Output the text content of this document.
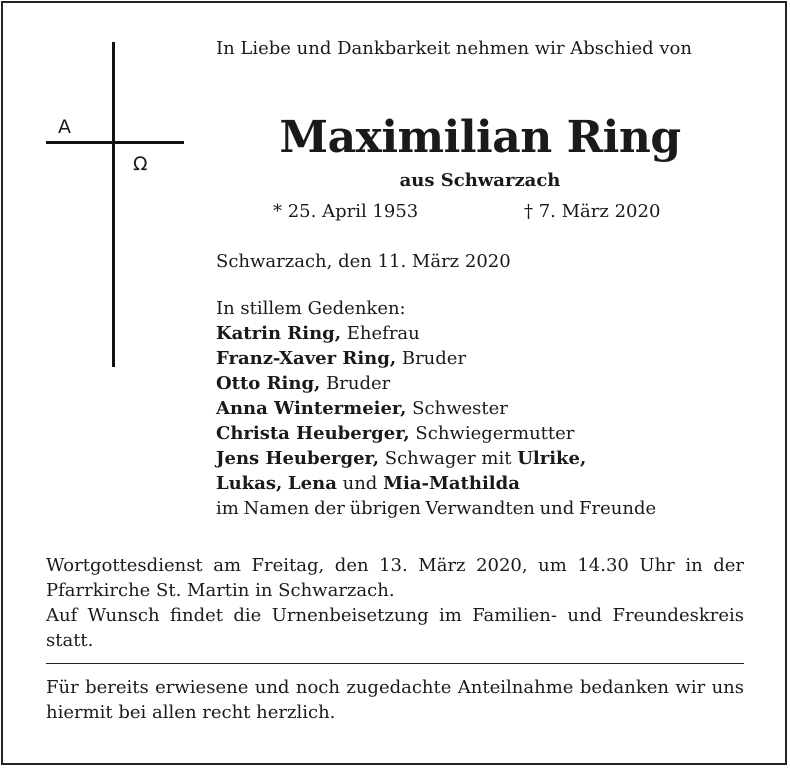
A
Ω

In Liebe und Dankbarkeit nehmen wir Abschied von

Maximilian Ring
aus Schwarzach
* 25. April 1953	† 7. März 2020
Schwarzach, den 11. März 2020
In stillem Gedenken:
Katrin Ring, Ehefrau
Franz-Xaver Ring, Bruder
Otto Ring, Bruder
Anna Wintermeier, Schwester
Christa Heuberger, Schwiegermutter
Jens Heuberger, Schwager mit Ulrike,
Lukas, Lena und Mia-Mathilda
im Namen der übrigen Verwandten und Freunde

Wortgottesdienst am Freitag, den 13. März 2020, um 14.30 Uhr in der Pfarrkirche St. Martin in Schwarzach.

Auf Wunsch findet die Urnenbeisetzung im Familien- und Freundeskreis statt.

Für bereits erwiesene und noch zugedachte Anteilnahme bedanken wir uns hiermit bei allen recht herzlich.
